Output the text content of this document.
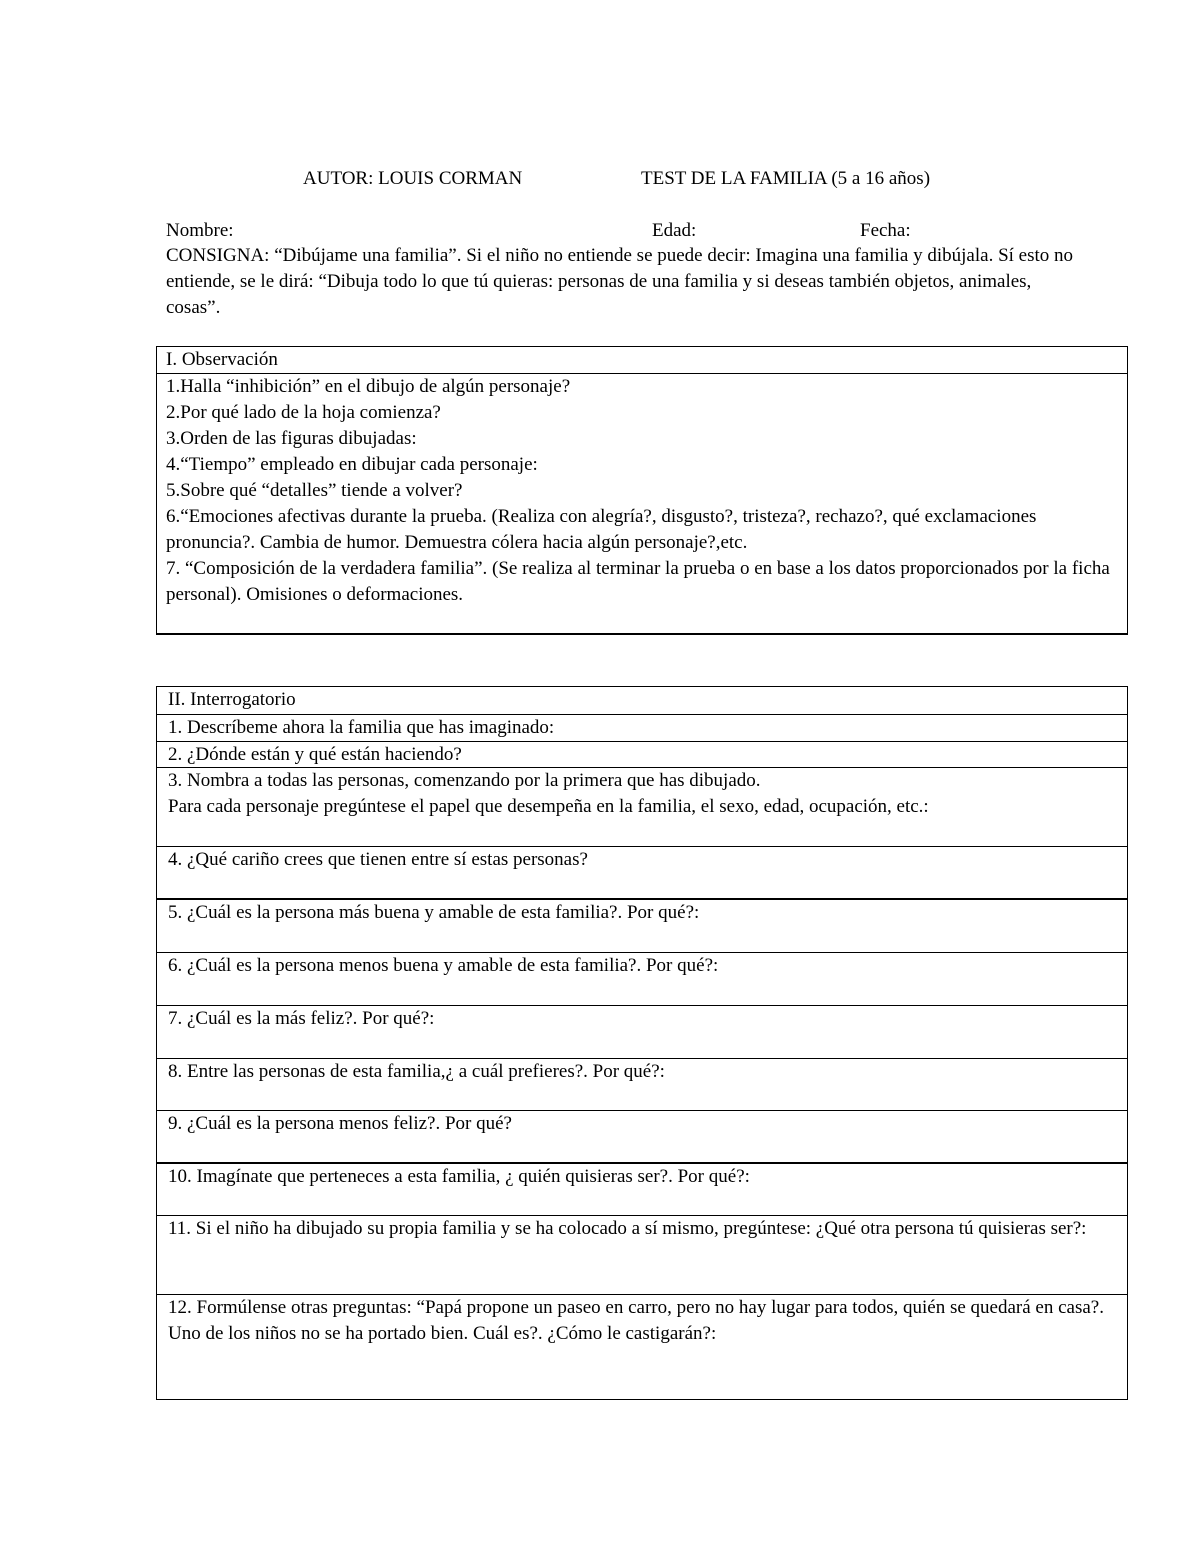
AUTOR: LOUIS CORMAN	TEST DE LA FAMILIA (5 a 16 años)
Nombre:	Edad:	Fecha:
CONSIGNA: “Dibújame una familia”. Si el niño no entiende se puede decir: Imagina una familia y dibújala. Sí esto no entiende, se le dirá: “Dibuja todo lo que tú quieras: personas de una familia y si deseas también objetos, animales, cosas”.
I. Observación
1.Halla “inhibición” en el dibujo de algún personaje?
2.Por qué lado de la hoja comienza?
3.Orden de las figuras dibujadas:
4.“Tiempo” empleado en dibujar cada personaje:
5.Sobre qué “detalles” tiende a volver?
6.“Emociones afectivas durante la prueba. (Realiza con alegría?, disgusto?, tristeza?, rechazo?, qué exclamaciones pronuncia?. Cambia de humor. Demuestra cólera hacia algún personaje?,etc.
7. “Composición de la verdadera familia”. (Se realiza al terminar la prueba o en base a los datos proporcionados por la ficha personal). Omisiones o deformaciones.
II. Interrogatorio
1. Descríbeme ahora la familia que has imaginado:
2. ¿Dónde están y qué están haciendo?
3. Nombra a todas las personas, comenzando por la primera que has dibujado.
Para cada personaje pregúntese el papel que desempeña en la familia, el sexo, edad, ocupación, etc.:
4. ¿Qué cariño crees que tienen entre sí estas personas?
5. ¿Cuál es la persona más buena y amable de esta familia?. Por qué?:
6. ¿Cuál es la persona menos buena y amable de esta familia?. Por qué?:
7. ¿Cuál es la más feliz?. Por qué?:
8. Entre las personas de esta familia,¿ a cuál prefieres?. Por qué?:
9. ¿Cuál es la persona menos feliz?. Por qué?
10. Imagínate que perteneces a esta familia, ¿ quién quisieras ser?. Por qué?:
11. Si el niño ha dibujado su propia familia y se ha colocado a sí mismo, pregúntese: ¿Qué otra persona tú quisieras ser?:
12. Formúlense otras preguntas: “Papá propone un paseo en carro, pero no hay lugar para todos, quién se quedará en casa?. Uno de los niños no se ha portado bien. Cuál es?. ¿Cómo le castigarán?:
